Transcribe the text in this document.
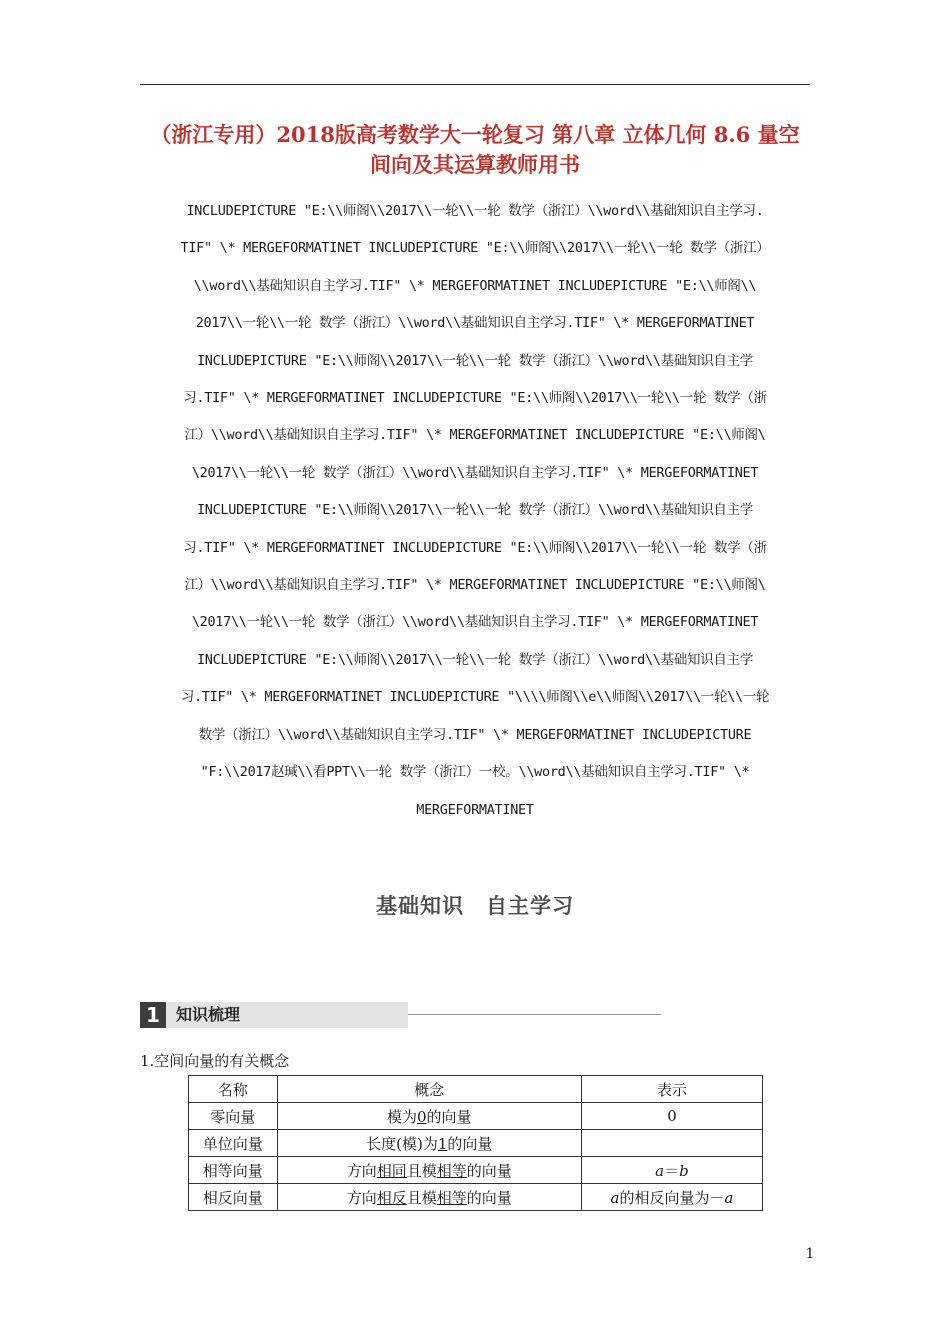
（浙江专用）2018版高考数学大一轮复习 第八章 立体几何 8.6 量空
间向及其运算教师用书
INCLUDEPICTURE "E:\\师阁\\2017\\一轮\\一轮 数学（浙江）\\word\\基础知识自主学习.
TIF" \* MERGEFORMATINET INCLUDEPICTURE "E:\\师阁\\2017\\一轮\\一轮 数学（浙江）
\\word\\基础知识自主学习.TIF" \* MERGEFORMATINET INCLUDEPICTURE "E:\\师阁\\
2017\\一轮\\一轮 数学（浙江）\\word\\基础知识自主学习.TIF" \* MERGEFORMATINET
INCLUDEPICTURE "E:\\师阁\\2017\\一轮\\一轮 数学（浙江）\\word\\基础知识自主学
习.TIF" \* MERGEFORMATINET INCLUDEPICTURE "E:\\师阁\\2017\\一轮\\一轮 数学（浙
江）\\word\\基础知识自主学习.TIF" \* MERGEFORMATINET INCLUDEPICTURE "E:\\师阁\
\2017\\一轮\\一轮 数学（浙江）\\word\\基础知识自主学习.TIF" \* MERGEFORMATINET
INCLUDEPICTURE "E:\\师阁\\2017\\一轮\\一轮 数学（浙江）\\word\\基础知识自主学
习.TIF" \* MERGEFORMATINET INCLUDEPICTURE "E:\\师阁\\2017\\一轮\\一轮 数学（浙
江）\\word\\基础知识自主学习.TIF" \* MERGEFORMATINET INCLUDEPICTURE "E:\\师阁\
\2017\\一轮\\一轮 数学（浙江）\\word\\基础知识自主学习.TIF" \* MERGEFORMATINET
INCLUDEPICTURE "E:\\师阁\\2017\\一轮\\一轮 数学（浙江）\\word\\基础知识自主学
习.TIF" \* MERGEFORMATINET INCLUDEPICTURE "\\\\师阁\\e\\师阁\\2017\\一轮\\一轮
数学（浙江）\\word\\基础知识自主学习.TIF" \* MERGEFORMATINET INCLUDEPICTURE
"F:\\2017赵瑊\\看PPT\\一轮 数学（浙江）一校。\\word\\基础知识自主学习.TIF" \*
MERGEFORMATINET
基础知识 自主学习
1	知识梳理
1.空间向量的有关概念
名称	概念	表示
零向量	模为0的向量	0
单位向量	长度(模)为1的向量	
相等向量	方向相同且模相等的向量	a＝b
相反向量	方向相反且模相等的向量	a的相反向量为－a
1
